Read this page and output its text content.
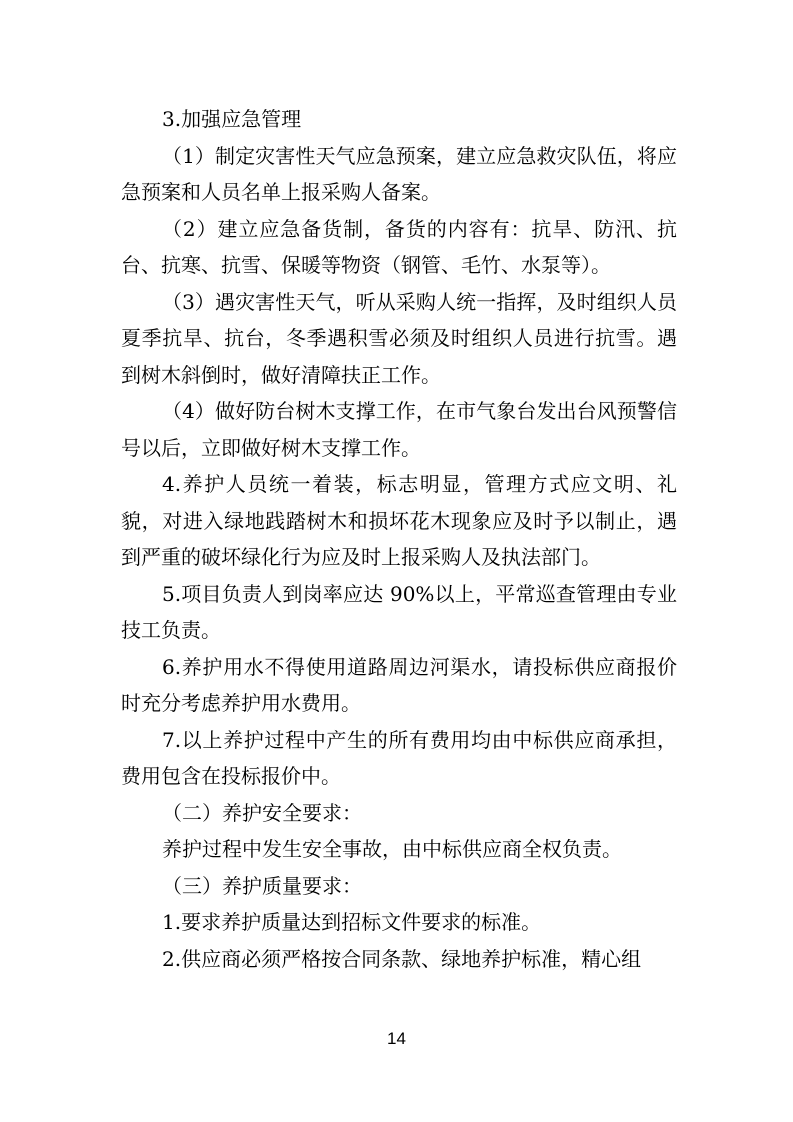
3.加强应急管理

（1）制定灾害性天气应急预案，建立应急救灾队伍，将应急预案和人员名单上报采购人备案。

（2）建立应急备货制，备货的内容有：抗旱、防汛、抗台、抗寒、抗雪、保暖等物资（钢管、毛竹、水泵等）。

（3）遇灾害性天气，听从采购人统一指挥，及时组织人员夏季抗旱、抗台，冬季遇积雪必须及时组织人员进行抗雪。遇到树木斜倒时，做好清障扶正工作。

（4）做好防台树木支撑工作，在市气象台发出台风预警信号以后，立即做好树木支撑工作。

4.养护人员统一着装，标志明显，管理方式应文明、礼貌，对进入绿地践踏树木和损坏花木现象应及时予以制止，遇到严重的破坏绿化行为应及时上报采购人及执法部门。

5.项目负责人到岗率应达 90%以上，平常巡查管理由专业技工负责。

6.养护用水不得使用道路周边河渠水，请投标供应商报价时充分考虑养护用水费用。

7.以上养护过程中产生的所有费用均由中标供应商承担，费用包含在投标报价中。

（二）养护安全要求：

养护过程中发生安全事故，由中标供应商全权负责。

（三）养护质量要求：

1.要求养护质量达到招标文件要求的标准。

2.供应商必须严格按合同条款、绿地养护标准，精心组

14
